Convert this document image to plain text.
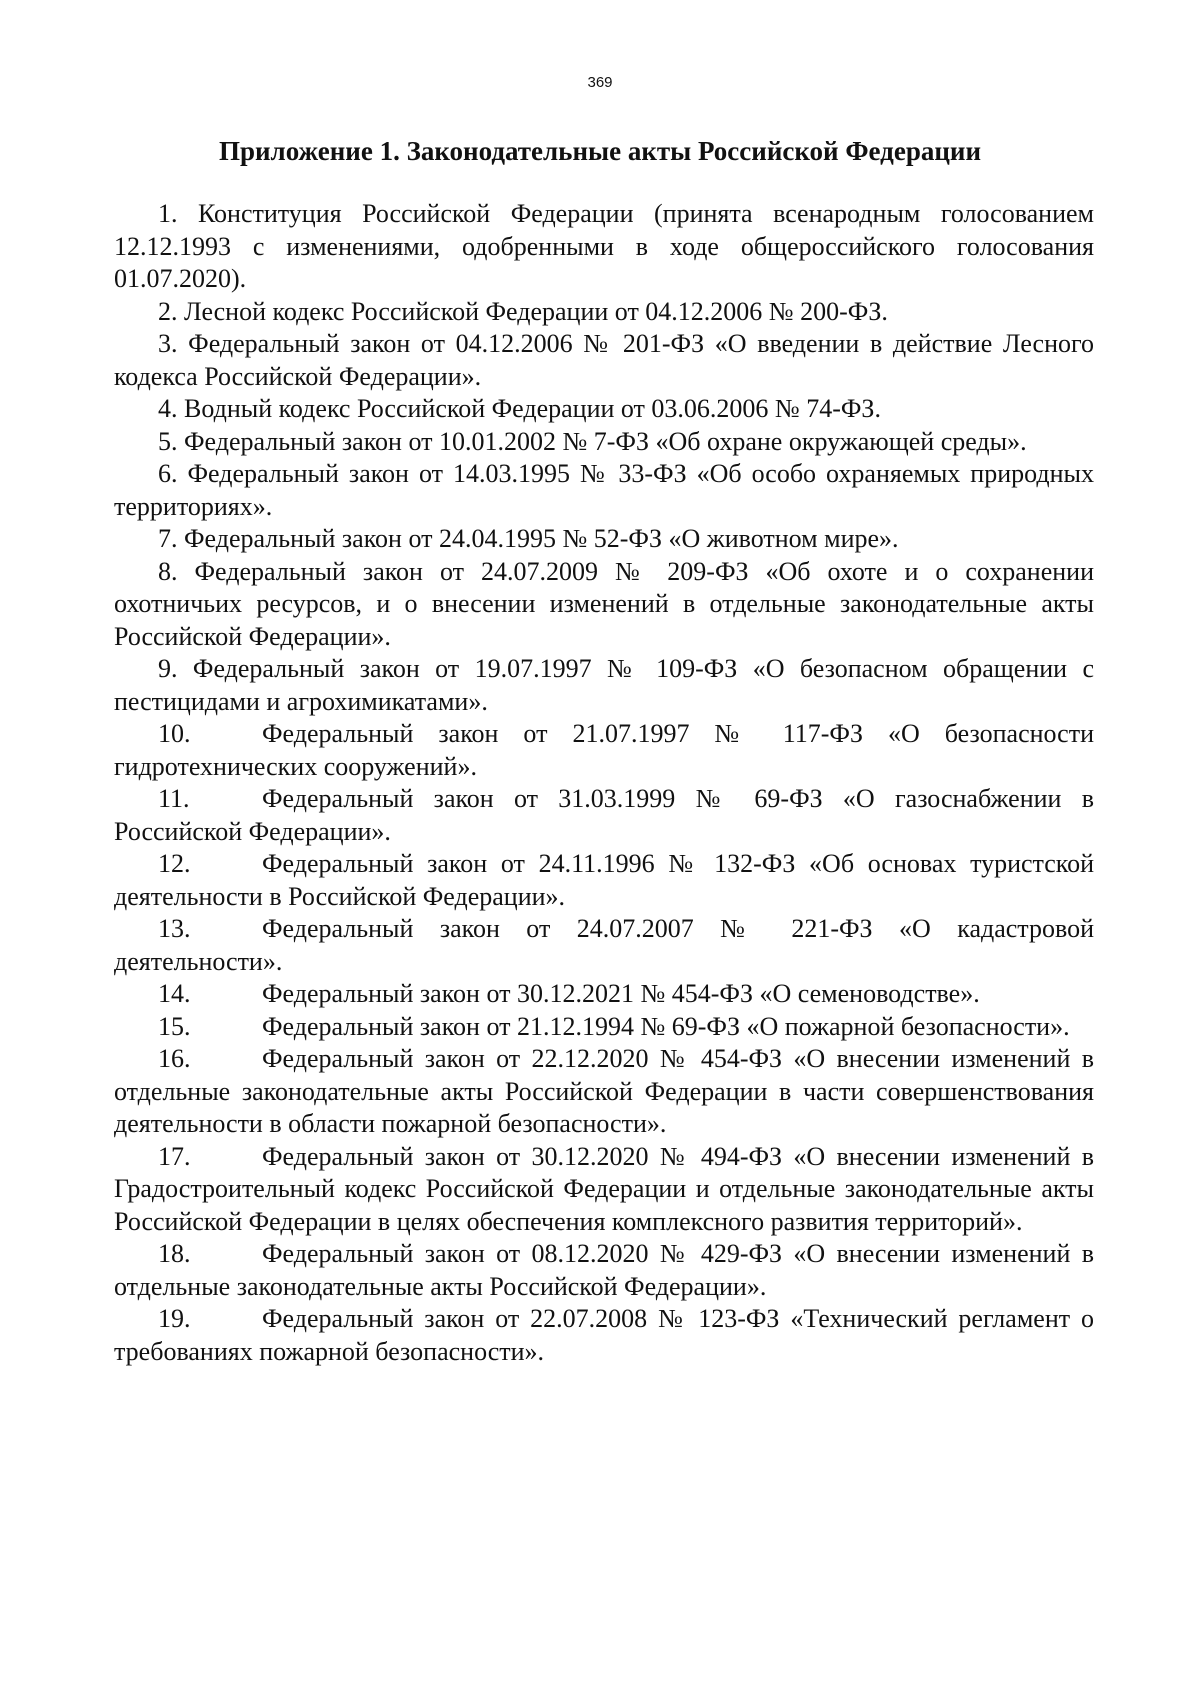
369
Приложение 1. Законодательные акты Российской Федерации
1. Конституция Российской Федерации (принята всенародным голосованием 12.12.1993 с изменениями, одобренными в ходе общероссийского голосования 01.07.2020).
2. Лесной кодекс Российской Федерации от 04.12.2006 № 200-ФЗ.
3. Федеральный закон от 04.12.2006 № 201-ФЗ «О введении в действие Лесного кодекса Российской Федерации».
4. Водный кодекс Российской Федерации от 03.06.2006 № 74-ФЗ.
5. Федеральный закон от 10.01.2002 № 7-ФЗ «Об охране окружающей среды».
6. Федеральный закон от 14.03.1995 № 33-ФЗ «Об особо охраняемых природных территориях».
7. Федеральный закон от 24.04.1995 № 52-ФЗ «О животном мире».
8. Федеральный закон от 24.07.2009 № 209-ФЗ «Об охоте и о сохранении охотничьих ресурсов, и о внесении изменений в отдельные законодательные акты Российской Федерации».
9. Федеральный закон от 19.07.1997 № 109-ФЗ «О безопасном обращении с пестицидами и агрохимикатами».
10.	Федеральный закон от 21.07.1997 № 117-ФЗ «О безопасности гидротехнических сооружений».
11.	Федеральный закон от 31.03.1999 № 69-ФЗ «О газоснабжении в Российской Федерации».
12.	Федеральный закон от 24.11.1996 № 132-ФЗ «Об основах туристской деятельности в Российской Федерации».
13.	Федеральный закон от 24.07.2007 № 221-ФЗ «О кадастровой деятельности».
14.	Федеральный закон от 30.12.2021 № 454-ФЗ «О семеноводстве».
15.	Федеральный закон от 21.12.1994 № 69-ФЗ «О пожарной безопасности».
16.	Федеральный закон от 22.12.2020 № 454-ФЗ «О внесении изменений в отдельные законодательные акты Российской Федерации в части совершенствования деятельности в области пожарной безопасности».
17.	Федеральный закон от 30.12.2020 № 494-ФЗ «О внесении изменений в Градостроительный кодекс Российской Федерации и отдельные законодательные акты Российской Федерации в целях обеспечения комплексного развития территорий».
18.	Федеральный закон от 08.12.2020 № 429-ФЗ «О внесении изменений в отдельные законодательные акты Российской Федерации».
19.	Федеральный закон от 22.07.2008 № 123-ФЗ «Технический регламент о требованиях пожарной безопасности».
